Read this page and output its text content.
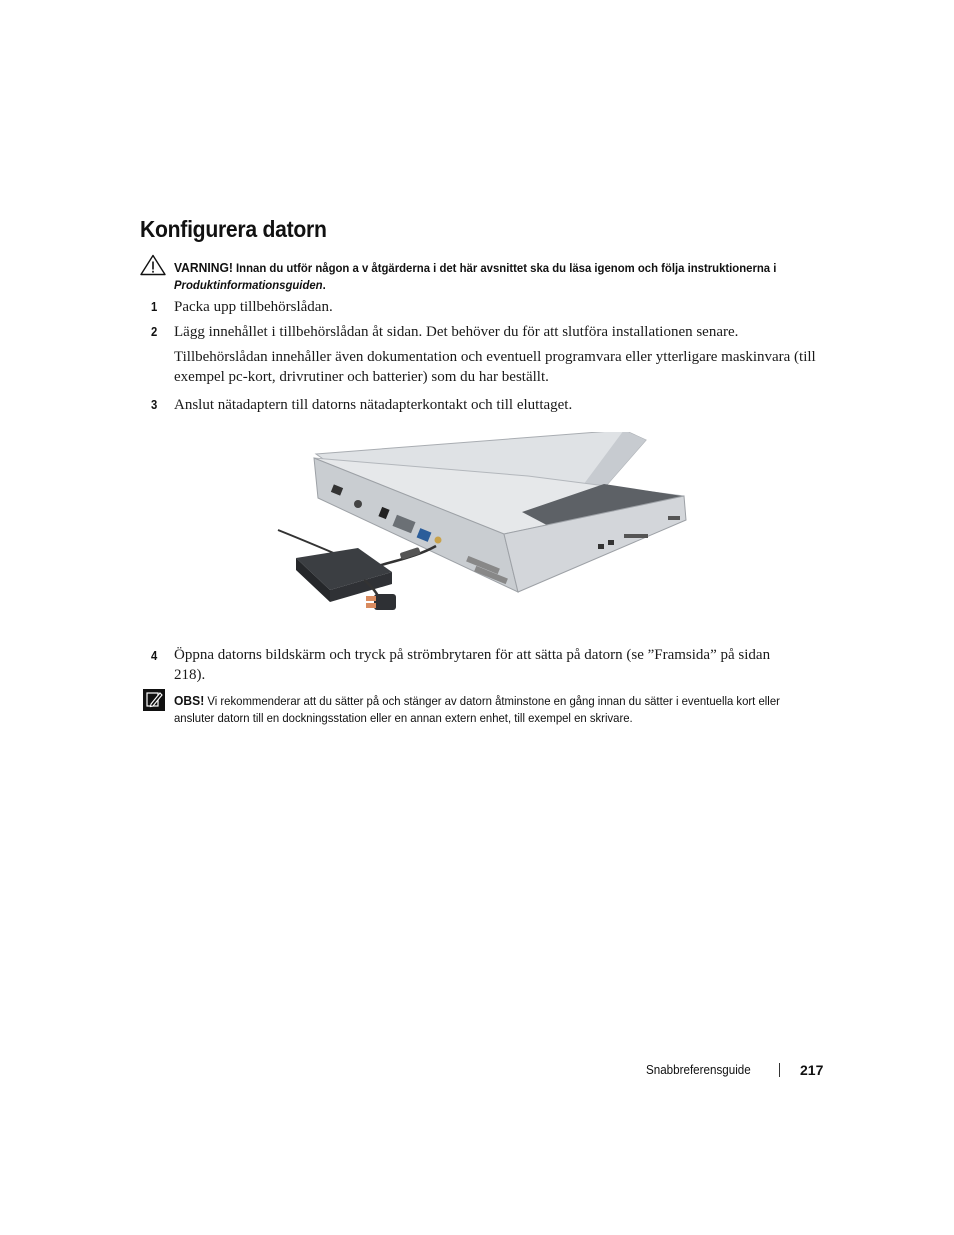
Konfigurera datorn
VARNING! Innan du utför någon a v åtgärderna i det här avsnittet ska du läsa igenom och följa instruktionerna i
Produktinformationsguiden.
1 Packa upp tillbehörslådan.
2 Lägg innehållet i tillbehörslådan åt sidan. Det behöver du för att slutföra installationen senare.
Tillbehörslådan innehåller även dokumentation och eventuell programvara eller ytterligare maskinvara (till exempel pc-kort, drivrutiner och batterier) som du har beställt.
3 Anslut nätadaptern till datorns nätadapterkontakt och till eluttaget.
4 Öppna datorns bildskärm och tryck på strömbrytaren för att sätta på datorn (se ”Framsida” på sidan 218).
OBS! Vi rekommenderar att du sätter på och stänger av datorn åtminstone en gång innan du sätter i eventuella kort eller ansluter datorn till en dockningsstation eller en annan extern enhet, till exempel en skrivare.
Snabbreferensguide	217
